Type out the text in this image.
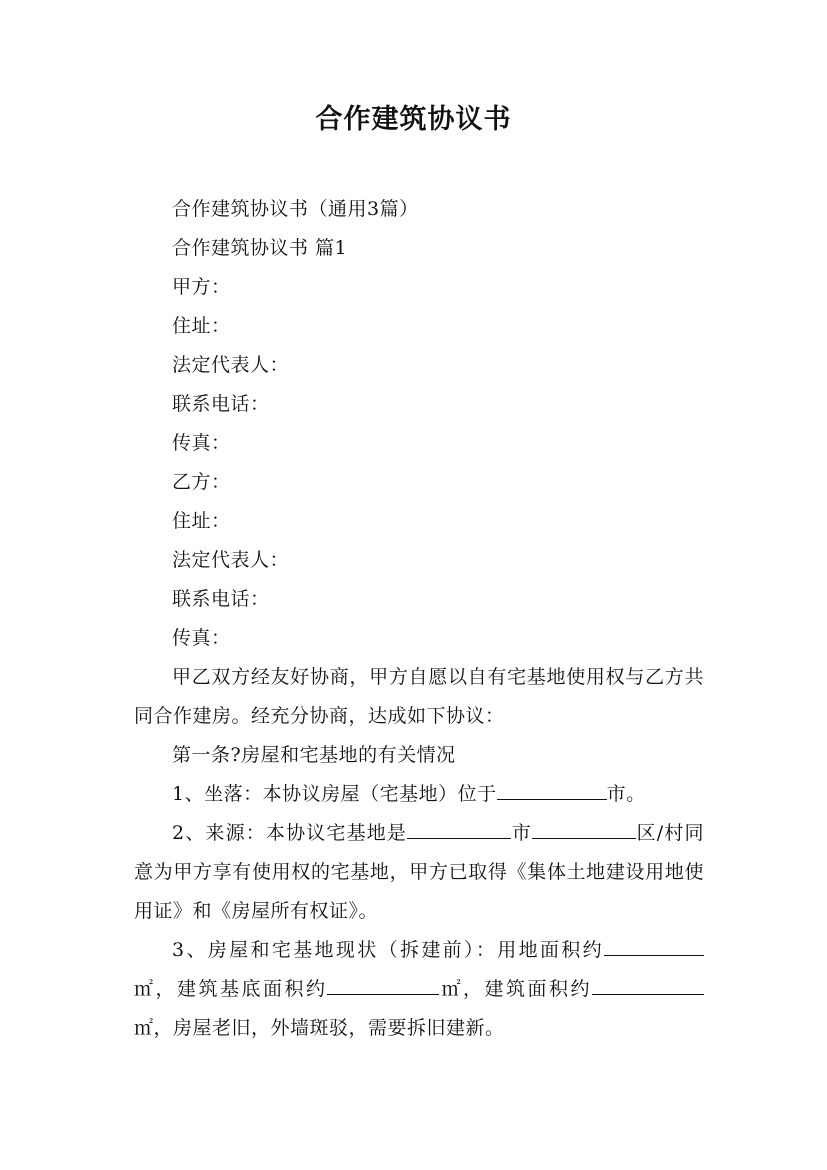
合作建筑协议书

合作建筑协议书（通用3篇）

合作建筑协议书 篇1

甲方：

住址：

法定代表人：

联系电话：

传真：

乙方：

住址：

法定代表人：

联系电话：

传真：

甲乙双方经友好协商，甲方自愿以自有宅基地使用权与乙方共同合作建房。经充分协商，达成如下协议：

第一条?房屋和宅基地的有关情况

1、坐落：本协议房屋（宅基地）位于	市。

2、来源：本协议宅基地是	市	区/村同意为甲方享有使用权的宅基地，甲方已取得《集体土地建设用地使用证》和《房屋所有权证》。

3、房屋和宅基地现状（拆建前）：用地面积约㎡，建筑基底面积约	㎡，建筑面积约㎡，房屋老旧，外墙斑驳，需要拆旧建新。
